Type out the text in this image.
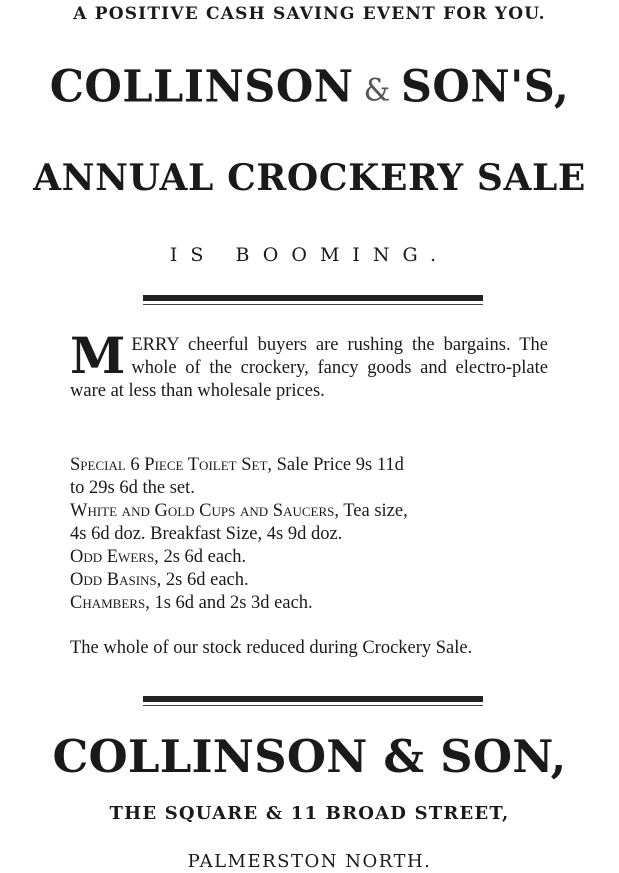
A POSITIVE CASH SAVING EVENT FOR YOU.
COLLINSON & SON'S,
ANNUAL CROCKERY SALE
IS BOOMING.
MERRY cheerful buyers are rushing the bargains. The whole of the crockery, fancy goods and electro-plate ware at less than wholesale prices.
Special 6 Piece Toilet Set, Sale Price 9s 11d
to 29s 6d the set.
White and Gold Cups and Saucers, Tea size,
4s 6d doz. Breakfast Size, 4s 9d doz.
Odd Ewers, 2s 6d each.
Odd Basins, 2s 6d each.
Chambers, 1s 6d and 2s 3d each.
The whole of our stock reduced during Crockery Sale.
COLLINSON & SON,
THE SQUARE & 11 BROAD STREET,
PALMERSTON NORTH.
